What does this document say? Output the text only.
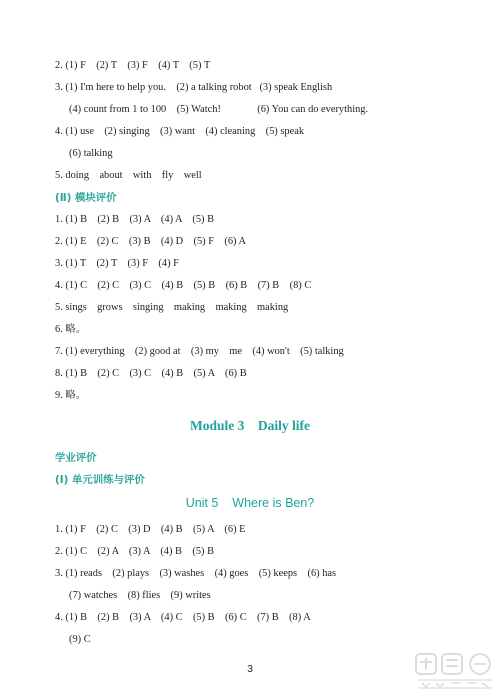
2. (1) F    (2) T    (3) F    (4) T    (5) T
3. (1) I'm here to help you.    (2) a talking robot   (3) speak English
(4) count from 1 to 100    (5) Watch!              (6) You can do everything.
4. (1) use    (2) singing    (3) want    (4) cleaning    (5) speak
(6) talking
5. doing    about    with    fly    well
(Ⅱ) 模块评价
1. (1) B    (2) B    (3) A    (4) A    (5) B
2. (1) E    (2) C    (3) B    (4) D    (5) F    (6) A
3. (1) T    (2) T    (3) F    (4) F
4. (1) C    (2) C    (3) C    (4) B    (5) B    (6) B    (7) B    (8) C
5. sings    grows    singing    making    making    making
6. 略。
7. (1) everything    (2) good at    (3) my    me    (4) won't    (5) talking
8. (1) B    (2) C    (3) C    (4) B    (5) A    (6) B
9. 略。
Module 3    Daily life
学业评价
(Ⅰ) 单元训练与评价
Unit 5    Where is Ben?
1. (1) F    (2) C    (3) D    (4) B    (5) A    (6) E
2. (1) C    (2) A    (3) A    (4) B    (5) B
3. (1) reads    (2) plays    (3) washes    (4) goes    (5) keeps    (6) has
(7) watches    (8) flies    (9) writes
4. (1) B    (2) B    (3) A    (4) C    (5) B    (6) C    (7) B    (8) A
(9) C
3
